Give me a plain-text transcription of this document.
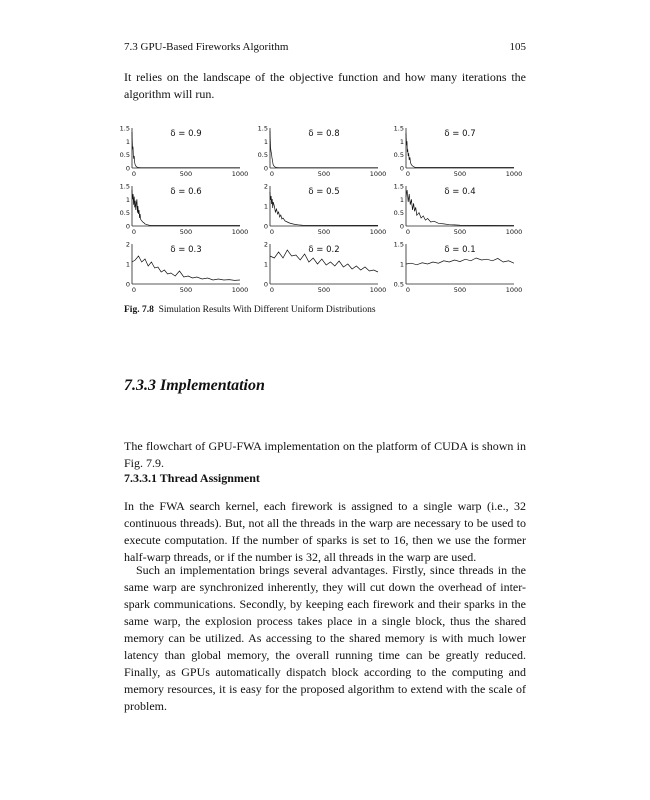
7.3 GPU-Based Fireworks Algorithm	105
It relies on the landscape of the objective function and how many iterations the algorithm will run.
1.5
1
0.5
0
0	500	1000
δ = 0.9
1.5
1
0.5
0
0	500	1000
δ = 0.8
1.5
1
0.5
0
0	500	1000
δ = 0.7
1.5
1
0.5
0
0	500	1000
δ = 0.6
2
1
0
0	500	1000
δ = 0.5
1.5
1
0.5
0
0	500	1000
δ = 0.4
2
1
0
0	500	1000
δ = 0.3
2
1
0
0	500	1000
δ = 0.2
1.5
1
0.5
0	500	1000
δ = 0.1
Fig. 7.8 Simulation Results With Different Uniform Distributions
7.3.3 Implementation
The flowchart of GPU-FWA implementation on the platform of CUDA is shown in Fig. 7.9.
7.3.3.1 Thread Assignment
In the FWA search kernel, each firework is assigned to a single warp (i.e., 32 continuous threads). But, not all the threads in the warp are necessary to be used to execute computation. If the number of sparks is set to 16, then we use the former half-warp threads, or if the number is 32, all threads in the warp are used.
Such an implementation brings several advantages. Firstly, since threads in the same warp are synchronized inherently, they will cut down the overhead of inter-spark communications. Secondly, by keeping each firework and their sparks in the same warp, the explosion process takes place in a single block, thus the shared memory can be utilized. As accessing to the shared memory is with much lower latency than global memory, the overall running time can be greatly reduced. Finally, as GPUs automatically dispatch block according to the computing and memory resources, it is easy for the proposed algorithm to extend with the scale of problem.
